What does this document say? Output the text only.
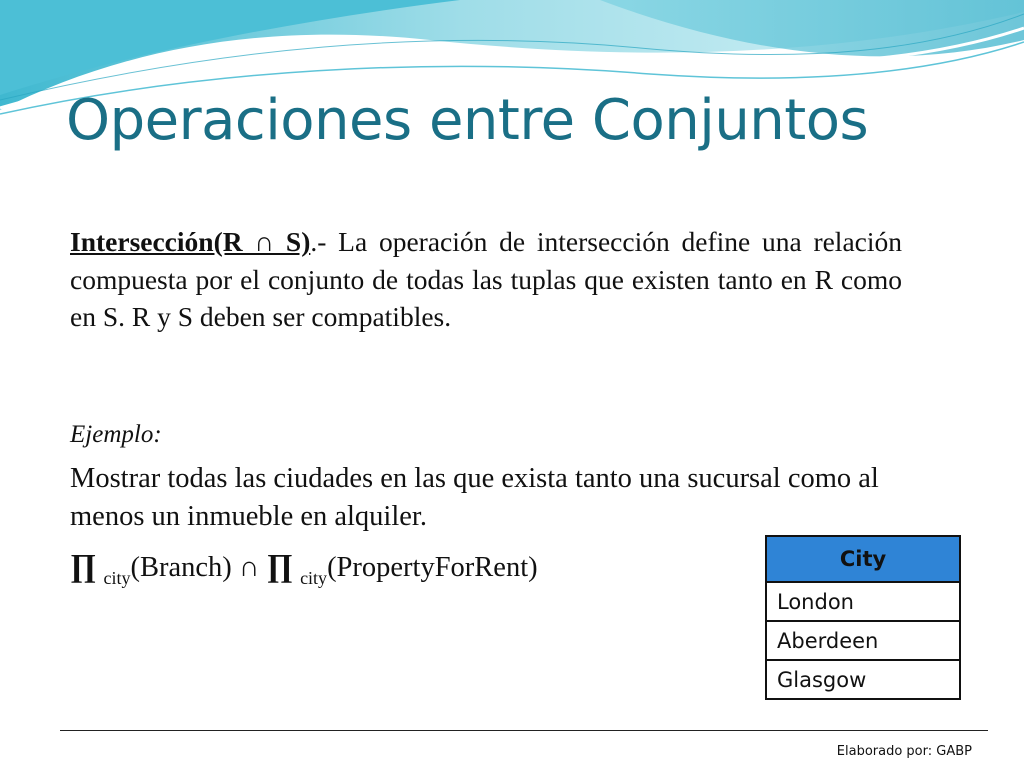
Operaciones entre Conjuntos
Intersección(R ∩ S).- La operación de intersección define una relación compuesta por el conjunto de todas las tuplas que existen tanto en R como en S. R y S deben ser compatibles.
Ejemplo:
Mostrar todas las ciudades en las que exista tanto una sucursal como al menos un inmueble en alquiler.
∏ $_{city}$(Branch) ∩ ∏ $_{city}$(PropertyForRent)	City
London
Aberdeen
Glasgow
Elaborado por: GABP
